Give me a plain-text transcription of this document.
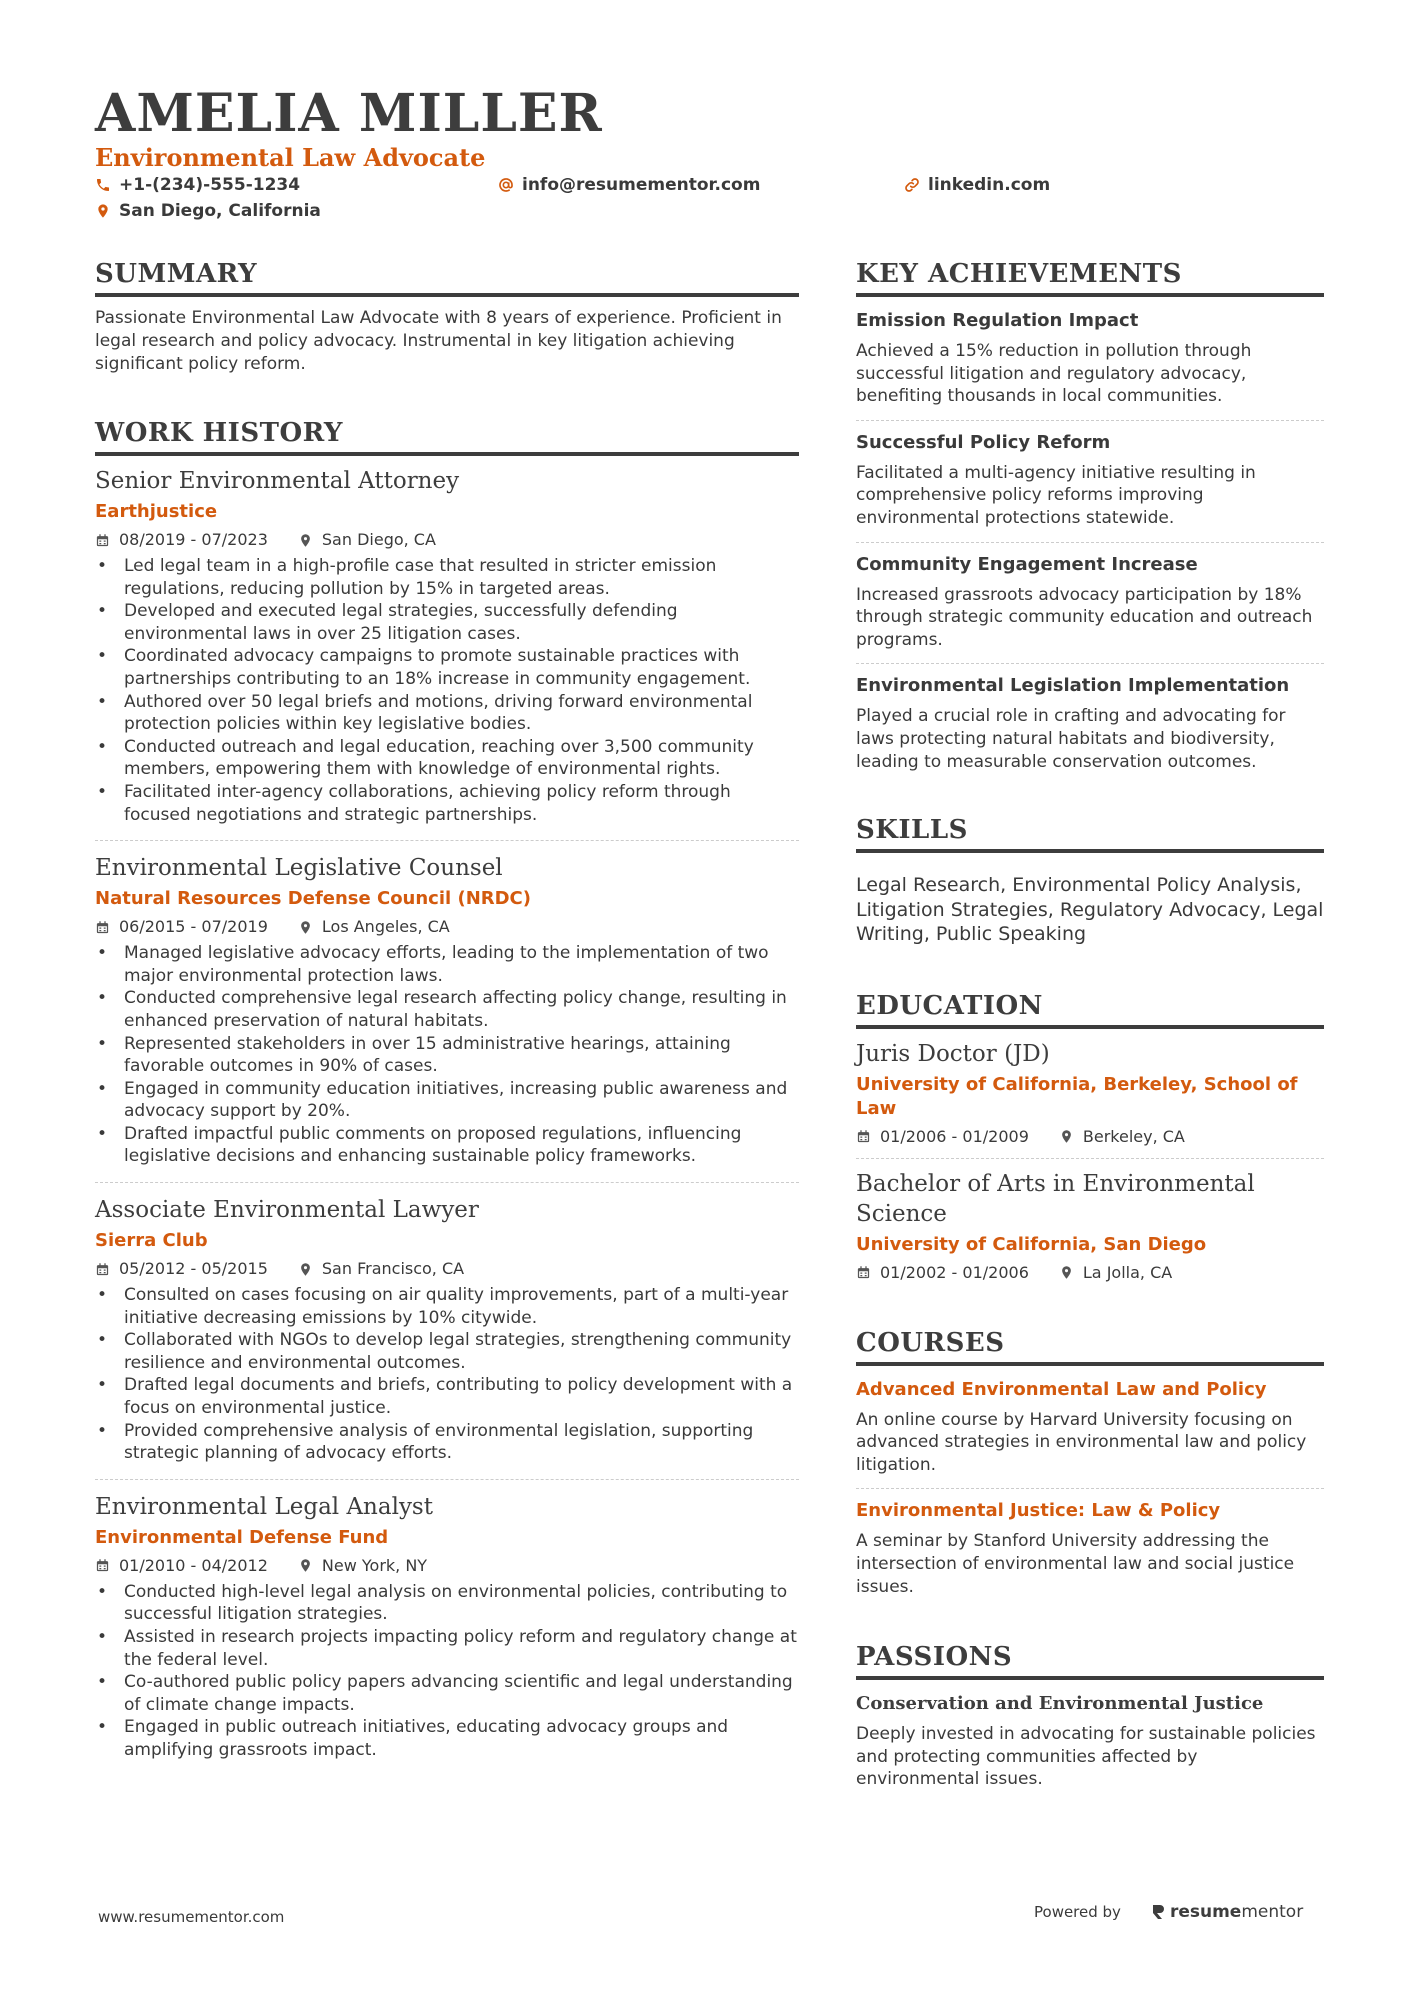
AMELIA MILLER
Environmental Law Advocate
+1-(234)-555-1234	info@resumementor.com	linkedin.com
San Diego, California
SUMMARY

Passionate Environmental Law Advocate with 8 years of experience. Proficient in legal research and policy advocacy. Instrumental in key litigation achieving significant policy reform.

WORK HISTORY
Senior Environmental Attorney
Earthjustice
08/2019 - 07/2023	San Diego, CA
• Led legal team in a high-profile case that resulted in stricter emission regulations, reducing pollution by 15% in targeted areas.
• Developed and executed legal strategies, successfully defending environmental laws in over 25 litigation cases.
• Coordinated advocacy campaigns to promote sustainable practices with partnerships contributing to an 18% increase in community engagement.
• Authored over 50 legal briefs and motions, driving forward environmental protection policies within key legislative bodies.
• Conducted outreach and legal education, reaching over 3,500 community members, empowering them with knowledge of environmental rights.
• Facilitated inter-agency collaborations, achieving policy reform through focused negotiations and strategic partnerships.
Environmental Legislative Counsel
Natural Resources Defense Council (NRDC)
06/2015 - 07/2019	Los Angeles, CA
• Managed legislative advocacy efforts, leading to the implementation of two major environmental protection laws.
• Conducted comprehensive legal research affecting policy change, resulting in enhanced preservation of natural habitats.
• Represented stakeholders in over 15 administrative hearings, attaining favorable outcomes in 90% of cases.
• Engaged in community education initiatives, increasing public awareness and advocacy support by 20%.
• Drafted impactful public comments on proposed regulations, influencing legislative decisions and enhancing sustainable policy frameworks.
Associate Environmental Lawyer
Sierra Club
05/2012 - 05/2015	San Francisco, CA
• Consulted on cases focusing on air quality improvements, part of a multi-year initiative decreasing emissions by 10% citywide.
• Collaborated with NGOs to develop legal strategies, strengthening community resilience and environmental outcomes.
• Drafted legal documents and briefs, contributing to policy development with a focus on environmental justice.
• Provided comprehensive analysis of environmental legislation, supporting strategic planning of advocacy efforts.
Environmental Legal Analyst
Environmental Defense Fund
01/2010 - 04/2012	New York, NY
• Conducted high-level legal analysis on environmental policies, contributing to successful litigation strategies.
• Assisted in research projects impacting policy reform and regulatory change at the federal level.
• Co-authored public policy papers advancing scientific and legal understanding of climate change impacts.
• Engaged in public outreach initiatives, educating advocacy groups and amplifying grassroots impact.
KEY ACHIEVEMENTS
Emission Regulation Impact
Achieved a 15% reduction in pollution through successful litigation and regulatory advocacy, benefiting thousands in local communities.
Successful Policy Reform
Facilitated a multi-agency initiative resulting in comprehensive policy reforms improving environmental protections statewide.
Community Engagement Increase
Increased grassroots advocacy participation by 18% through strategic community education and outreach programs.
Environmental Legislation Implementation
Played a crucial role in crafting and advocating for laws protecting natural habitats and biodiversity, leading to measurable conservation outcomes.
SKILLS
Legal Research, Environmental Policy Analysis, Litigation Strategies, Regulatory Advocacy, Legal Writing, Public Speaking
EDUCATION
Juris Doctor (JD)
University of California, Berkeley, School of Law
01/2006 - 01/2009	Berkeley, CA
Bachelor of Arts in Environmental Science
University of California, San Diego
01/2002 - 01/2006	La Jolla, CA
COURSES
Advanced Environmental Law and Policy
An online course by Harvard University focusing on advanced strategies in environmental law and policy litigation.
Environmental Justice: Law & Policy
A seminar by Stanford University addressing the intersection of environmental law and social justice issues.
PASSIONS
Conservation and Environmental Justice
Deeply invested in advocating for sustainable policies and protecting communities affected by environmental issues.
www.resumementor.com	Powered by	resume mentor
